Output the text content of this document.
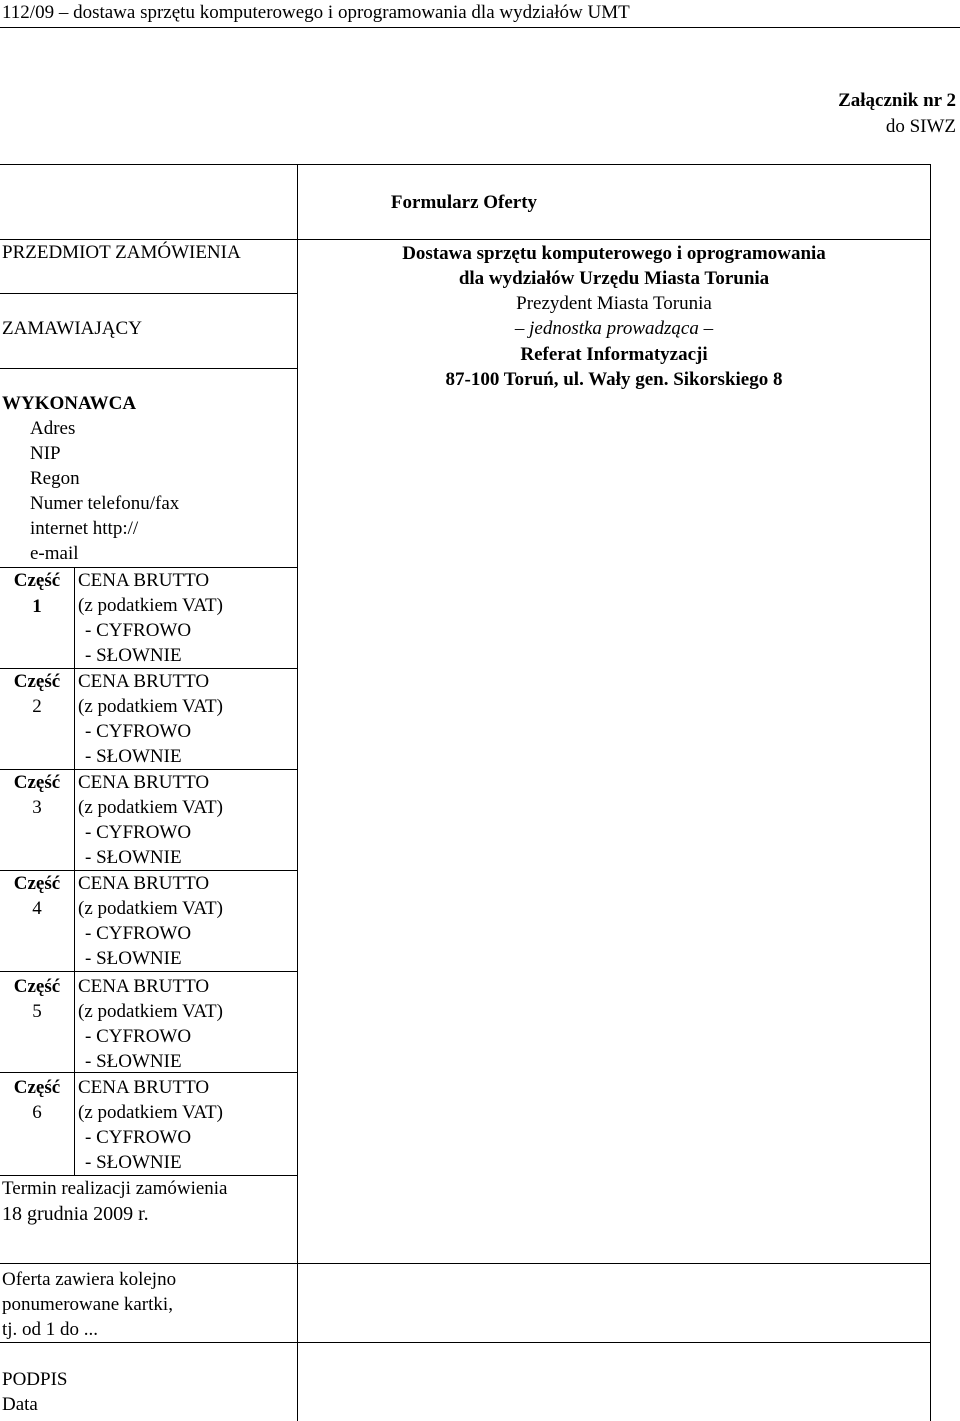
112/09 – dostawa sprzętu komputerowego i oprogramowania dla wydziałów UMT
Załącznik nr 2
do SIWZ
Formularz Oferty
PRZEDMIOT ZAMÓWIENIA	Dostawa sprzętu komputerowego i oprogramowania
dla wydziałów Urzędu Miasta Torunia
ZAMAWIAJĄCY
Prezydent Miasta Torunia
– jednostka prowadząca –
Referat Informatyzacji
87-100 Toruń, ul. Wały gen. Sikorskiego 8
WYKONAWCA
Adres
NIP
Regon
Numer telefonu/fax
internet http://
e-mail
Część
1
CENA BRUTTO
(z podatkiem VAT)
- CYFROWO
- SŁOWNIE
Część
2
CENA BRUTTO
(z podatkiem VAT)
- CYFROWO
- SŁOWNIE
Część
3
CENA BRUTTO
(z podatkiem VAT)
- CYFROWO
- SŁOWNIE
Część
4
CENA BRUTTO
(z podatkiem VAT)
- CYFROWO
- SŁOWNIE
Część
5
CENA BRUTTO
(z podatkiem VAT)
- CYFROWO
- SŁOWNIE
Część
6
CENA BRUTTO
(z podatkiem VAT)
- CYFROWO
- SŁOWNIE
Termin realizacji zamówienia
18 grudnia 2009 r.
Oferta zawiera kolejno
ponumerowane kartki,
tj. od 1 do ...
PODPIS
Data
